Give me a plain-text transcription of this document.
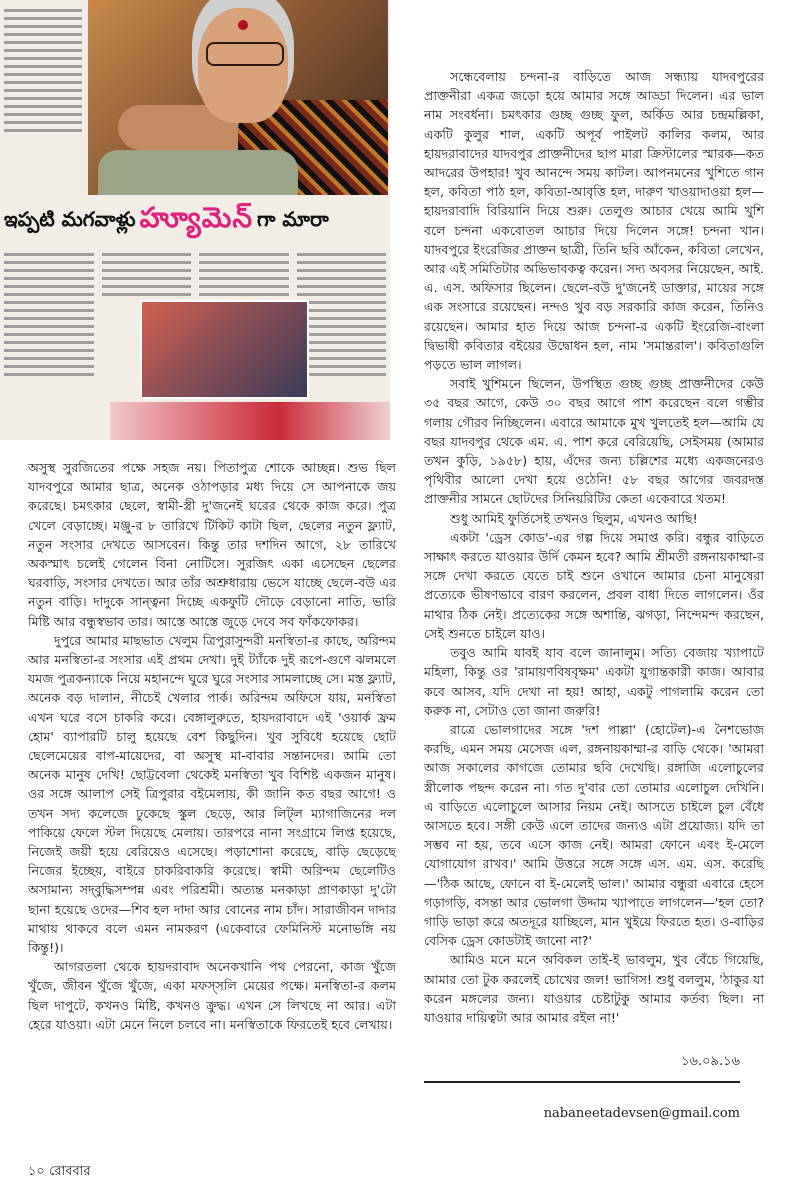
ఇప్పటి మగవాళ్లు హ్యూమెన్ గా మారా

অসুস্থ সুরজিতের পক্ষে সহজ নয়। পিতাপুত্র শোকে আচ্ছন্ন। শুভ ছিল যাদবপুরে আমার ছাত্র, অনেক ওঠাপড়ার মধ্য দিয়ে সে আপনাকে জয় করেছে। চমৎকার ছেলে, স্বামী-স্ত্রী দু'জনেই ঘরের থেকে কাজ করে। পুত্র খেলে বেড়াচ্ছে। মঞ্জু-র ৮ তারিখে টিকিট কাটা ছিল, ছেলের নতুন ফ্ল্যাট, নতুন সংসার দেখতে আসবেন। কিন্তু তার দশদিন আগে, ২৮ তারিখে অকস্মাৎ চলেই গেলেন বিনা নোটিসে। সুরজিৎ একা এসেছেন ছেলের ঘরবাড়ি, সংসার দেখতে। আর তাঁর অশ্রুধারায় ভেসে যাচ্ছে ছেলে-বউ এর নতুন বাড়ি। দাদুকে সান্ত্বনা দিচ্ছে একফুটি দৌড়ে বেড়ানো নাতি, ভারি মিষ্টি আর বন্ধুস্বভাব তার। আস্তে আস্তে জুড়ে দেবে সব ফাঁকফোকর।

দুপুরে আমার মাছভাত খেলুম ত্রিপুরাসুন্দরী মনস্বিতা-র কাছে, অরিন্দম আর মনস্বিতা-র সংসার এই প্রথম দেখা। দুই ট্যাঁকে দুই রূপে-গুণে ঝলমলে যমজ পুত্রকন্যাকে নিয়ে মহানন্দে ঘুরে ঘুরে সংসার সামলাচ্ছে সে। মস্ত ফ্ল্যাট, অনেক বড় দালান, নীচেই খেলার পার্ক। অরিন্দম অফিসে যায়, মনস্বিতা এখন ঘরে বসে চাকরি করে। বেঙ্গালুরুতে, হায়দরাবাদে এই 'ওয়ার্ক ফ্রম হোম' ব্যাপারটি চালু হয়েছে বেশ কিছুদিন। খুব সুবিধে হয়েছে ছোট ছেলেমেয়ের বাপ-মায়েদের, বা অসুস্থ মা-বাবার সন্তানদের। আমি তো অনেক মানুষ দেখি! ছোট্টবেলা থেকেই মনস্বিতা খুব বিশিষ্ট একজন মানুষ। ওর সঙ্গে আলাপ সেই ত্রিপুরার বইমেলায়, কী জানি কত বছর আগে! ও তখন সদ্য কলেজে ঢুকেছে স্কুল ছেড়ে, আর লিট্‌ল ম্যাগাজিনের দল পাকিয়ে ফেলে স্টল দিয়েছে মেলায়। তারপরে নানা সংগ্রামে লিপ্ত হয়েছে, নিজেই জয়ী হয়ে বেরিয়েও এসেছে। পড়াশোনা করেছে, বাড়ি ছেড়েছে নিজের ইচ্ছেয়, বাইরে চাকরিবাকরি করেছে। স্বামী অরিন্দম ছেলেটিও অসামান্য সদ্‌বুদ্ধিসম্পন্ন এবং পরিশ্রমী। অত্যন্ত মনকাড়া প্রাণকাড়া দু'টো ছানা হয়েছে ওদের—শিব হল দাদা আর বোনের নাম চাঁদ। সারাজীবন দাদার মাথায় থাকবে বলে এমন নামকরণ (একেবারে ফেমিনিস্ট মনোভঙ্গি নয় কিন্তু!)।

আগরতলা থেকে হায়দরাবাদ অনেকখানি পথ পেরনো, কাজ খুঁজে খুঁজে, জীবন খুঁজে খুঁজে, একা মফস্‌সলি মেয়ের পক্ষে। মনস্বিতা-র কলম ছিল দাপুটে, কখনও মিষ্টি, কখনও ক্রুদ্ধ। এখন সে লিখছে না আর। এটা হেরে যাওয়া। এটা মেনে নিলে চলবে না। মনস্বিতাকে ফিরতেই হবে লেখায়।

সন্ধেবেলায় চন্দনা-র বাড়িতে আজ সন্ধ্যায় যাদবপুরের প্রাক্তনীরা একত্র জড়ো হয়ে আমার সঙ্গে আড্ডা দিলেন। এর ভাল নাম সংবর্ধনা। চমৎকার গুচ্ছ গুচ্ছ ফুল, অর্কিড আর চন্দ্রমল্লিকা, একটি কুলুর শাল, একটি অপূর্ব পাইলট কালির কলম, আর হায়দরাবাদের যাদবপুর প্রাক্তনীদের ছাপ মারা ক্রিস্টালের স্মারক—কত আদরের উপহার! খুব আনন্দে সময় কাটল। আপনমনের খুশিতে গান হল, কবিতা পাঠ হল, কবিতা-আবৃত্তি হল, দারুণ খাওয়াদাওয়া হল—হায়দরাবাদি বিরিয়ানি দিয়ে শুরু। তেলুগু আচার খেয়ে আমি খুশি বলে চন্দনা একবোতল আচার দিয়ে দিলেন সঙ্গে! চন্দনা খান। যাদবপুরে ইংরেজির প্রাক্তন ছাত্রী, তিনি ছবি আঁকেন, কবিতা লেখেন, আর এই সমিতিটার অভিভাবকত্ব করেন। সদ্য অবসর নিয়েছেন, আই. এ. এস. অফিসার ছিলেন। ছেলে-বউ দু'জনেই ডাক্তার, মায়ের সঙ্গে এক সংসারে রয়েছেন। নন্দও খুব বড় সরকারি কাজ করেন, তিনিও রয়েছেন। আমার হাত দিয়ে আজ চন্দনা-র একটি ইংরেজি-বাংলা দ্বিভাষী কবিতার বইয়ের উদ্বোধন হল, নাম 'সমান্তরাল'। কবিতাগুলি পড়তে ভাল লাগল।

সবাই খুশিমনে ছিলেন, উপস্থিত গুচ্ছ গুচ্ছ প্রাক্তনীদের কেউ ৩৫ বছর আগে, কেউ ৩০ বছর আগে পাশ করেছেন বলে গম্ভীর গলায় গৌরব নিচ্ছিলেন। এবারে আমাকে মুখ খুলতেই হল—আমি যে বছর যাদবপুর থেকে এম. এ. পাশ করে বেরিয়েছি, সেইসময় (আমার তখন কুড়ি, ১৯৫৮) হায়, এঁদের জন্য চল্লিশের মধ্যে একজনেরও পৃথিবীর আলো দেখা হয়ে ওঠেনি! ৫৮ বছর আগের জবরদস্ত প্রাক্তনীর সামনে ছোটদের সিনিয়রিটির কেতা একেবারে খতম!

শুধু আমিই ফুর্তিসেই তখনও ছিলুম, এখনও আছি!

একটা 'ড্রেস কোড'-এর গল্প দিয়ে সমাপ্ত করি। বন্ধুর বাড়িতে সাক্ষাৎ করতে যাওয়ার উর্দি কেমন হবে? আমি শ্রীমতী রঙ্গনায়কাম্মা-র সঙ্গে দেখা করতে যেতে চাই শুনে ওখানে আমার চেনা মানুষেরা প্রত্যেকে ভীষণভাবে বারণ করলেন, প্রবল বাধা দিতে লাগলেন। ওঁর মাথার ঠিক নেই। প্রত্যেকের সঙ্গে অশান্তি, ঝগড়া, নিন্দেমন্দ করছেন, সেই শুনতে চাইলে যাও।

তবুও আমি যাবই যাব বলে জানালুম। সত্যি বেজায় খ্যাপাটে মহিলা, কিন্তু ওর 'রামায়ণবিষবৃক্ষম' একটা যুগান্তকারী কাজ। আবার কবে আসব, যদি দেখা না হয়! আহা, একটু পাগলামি করেন তো করুক না, সেটাও তো জানা জরুরি!

রাত্রে ভোলগাদের সঙ্গে 'দশ পাল্লা' (হোটেল)-এ নৈশভোজ করছি, এমন সময় মেসেজ এল, রঙ্গনায়কাম্মা-র বাড়ি থেকে। 'আমরা আজ সকালের কাগজে তোমার ছবি দেখেছি। রঙ্গাজি এলোচুলের স্ত্রীলোক পছন্দ করেন না। গত দু'বার তো তোমার এলোচুল দেখিনি। এ বাড়িতে এলোচুলে আসার নিয়ম নেই। আসতে চাইলে চুল বেঁধে আসতে হবে। সঙ্গী কেউ এলে তাদের জন্যও এটা প্রযোজ্য। যদি তা সম্ভব না হয়, তবে এসে কাজ নেই। আমরা ফোনে এবং ই-মেলে যোগাযোগ রাখব।' আমি উত্তরে সঙ্গে সঙ্গে এস. এম. এস. করেছি—'ঠিক আছে, ফোনে বা ই-মেলেই ভাল।' আমার বন্ধুরা এবারে হেসে গড়াগড়ি, বসন্তা আর ভোলগা উদ্দাম খ্যাপাতে লাগলেন—'হল তো? গাড়ি ভাড়া করে অতদূরে যাচ্ছিলে, মান খুইয়ে ফিরতে হত। ও-বাড়ির বেসিক ড্রেস কোডটাই জানো না?'

আমিও মনে মনে অবিকল তাই-ই ভাবলুম, খুব বেঁচে গিয়েছি, আমার তো টুক করলেই চোখের জল! ভাগিস! শুধু বললুম, 'ঠাকুর যা করেন মঙ্গলের জন্য। যাওয়ার চেষ্টাটুকু আমার কর্তব্য ছিল। না যাওয়ার দায়িত্বটা আর আমার রইল না!'

১৬.০৯.১৬
nabaneetadevsen@gmail.com
১০ রোববার
